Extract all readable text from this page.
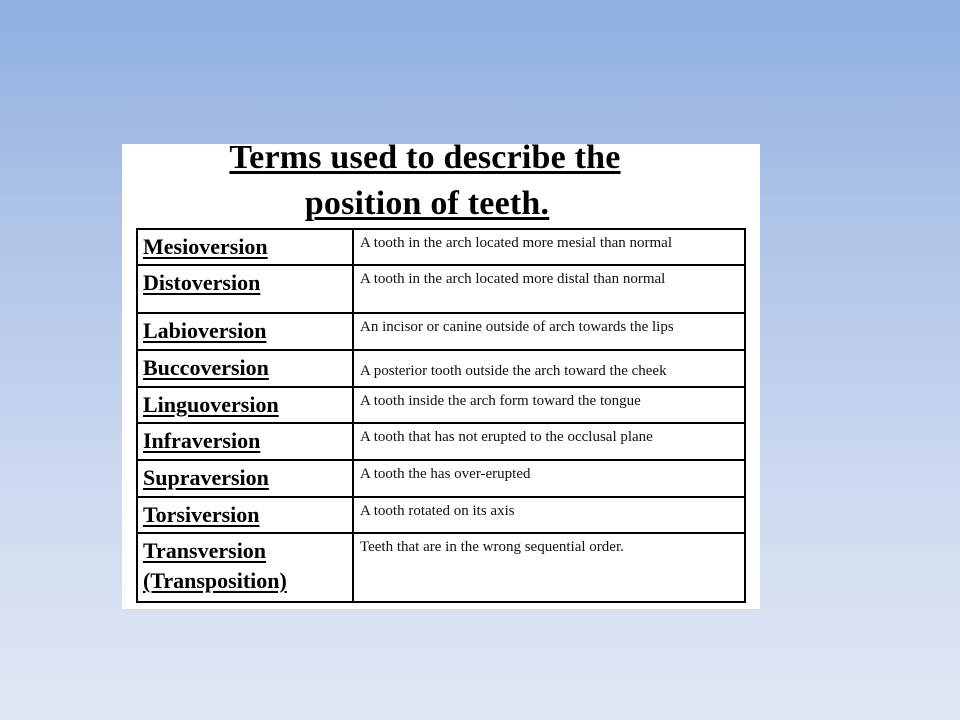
Terms used to describe the
position of teeth.
Mesioversion	A tooth in the arch located more mesial than normal
Distoversion	A tooth in the arch located more distal than normal
Labioversion	An incisor or canine outside of arch towards the lips
Buccoversion	A posterior tooth outside the arch toward the cheek
Linguoversion	A tooth inside the arch form toward the tongue
Infraversion	A tooth that has not erupted to the occlusal plane
Supraversion	A tooth the has over-erupted
Torsiversion	A tooth rotated on its axis
Transversion
(Transposition)	Teeth that are in the wrong sequential order.
